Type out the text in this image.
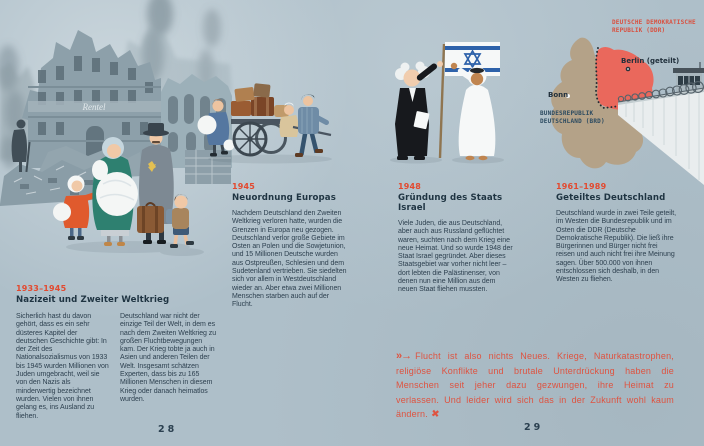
Rentel
DEUTSCHE DEMOKRATISCHE
REPUBLIK (DDR)
Berlin (geteilt)
Bonn
BUNDESREPUBLIK
DEUTSCHLAND (BRD)
1933–1945
Nazizeit und Zweiter Weltkrieg
Sicherlich hast du davon gehört, dass es ein sehr düsteres Kapitel der deutschen Geschichte gibt: In der Zeit des Nationalsozialismus von 1933 bis 1945 wurden Millionen von Juden umgebracht, weil sie von den Nazis als minderwertig bezeichnet wurden. Vielen von ihnen gelang es, ins Ausland zu fliehen.
Deutschland war nicht der einzige Teil der Welt, in dem es nach dem Zweiten Weltkrieg zu großen Fluchtbewegungen kam. Der Krieg tobte ja auch in Asien und anderen Teilen der Welt. Insgesamt schätzen Experten, dass bis zu 165 Millionen Menschen in diesem Krieg oder danach heimatlos wurden.
1945
Neuordnung Europas
Nachdem Deutschland den Zweiten Weltkrieg verloren hatte, wurden die Grenzen in Europa neu gezogen. Deutschland verlor große Gebiete im Osten an Polen und die Sowjetunion, und 15 Millionen Deutsche wurden aus Ostpreußen, Schlesien und dem Sudetenland vertrieben. Sie siedelten sich vor allem in Westdeutschland wieder an. Aber etwa zwei Millionen Menschen starben auch auf der Flucht.
1948
Gründung des Staats Israel
Viele Juden, die aus Deutschland, aber auch aus Russland geflüchtet waren, suchten nach dem Krieg eine neue Heimat. Und so wurde 1948 der Staat Israel gegründet. Aber dieses Staatsgebiet war vorher nicht leer – dort lebten die Palästinenser, von denen nun eine Million aus dem neuen Staat fliehen mussten.
1961–1989
Geteiltes Deutschland
Deutschland wurde in zwei Teile geteilt, im Westen die Bundesrepublik und im Osten die DDR (Deutsche Demokratische Republik). Die ließ ihre Bürgerinnen und Bürger nicht frei reisen und auch nicht frei ihre Meinung sagen. Über 500.000 von ihnen entschlossen sich deshalb, in den Westen zu fliehen.
»→ Flucht ist also nichts Neues. Kriege, Naturkatastrophen, religiöse Konflikte und brutale Unterdrückung haben die Menschen seit jeher dazu gezwungen, ihre Heimat zu verlassen. Und leider wird sich das in der Zukunft wohl kaum ändern. ✖
28	29
